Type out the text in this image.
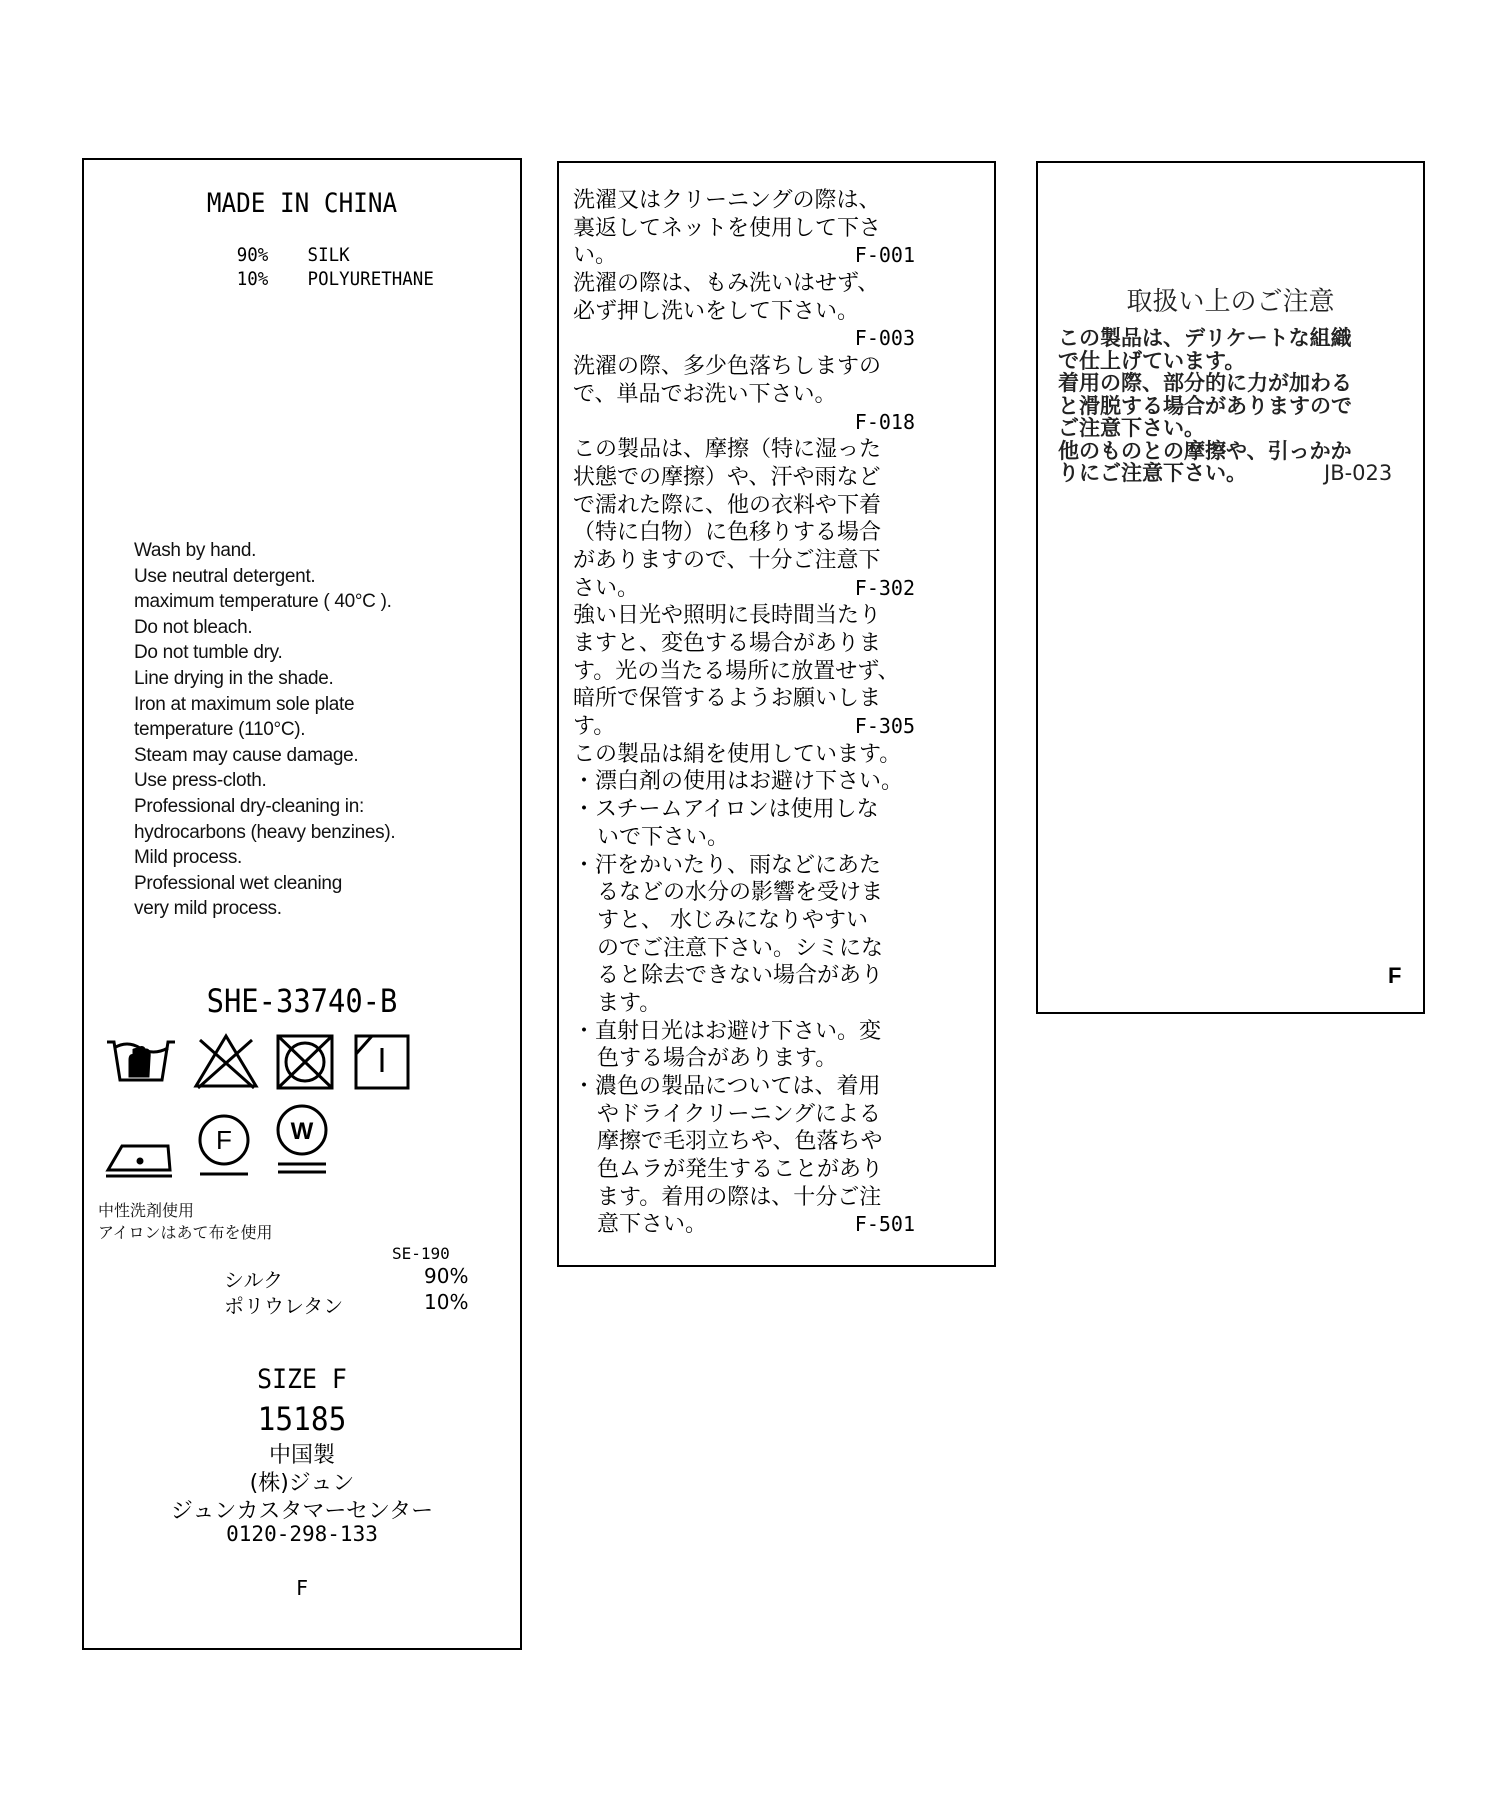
MADE IN CHINA
90% SILK
10% POLYURETHANE
Wash by hand.
Use neutral detergent.
maximum temperature ( 40°C ).
Do not bleach.
Do not tumble dry.
Line drying in the shade.
Iron at maximum sole plate
temperature (110°C).
Steam may cause damage.
Use press-cloth.
Professional dry-cleaning in:
hydrocarbons (heavy benzines).
Mild process.
Professional wet cleaning
very mild process.
SHE-33740-B
F W
中性洗剤使用
アイロンはあて布を使用
SE-190
シルク	90%
ポリウレタン	10%
SIZE F
15185
中国製
(株)ジュン
ジュンカスタマーセンター
0120-298-133
F
洗濯又はクリーニングの際は、
裏返してネットを使用して下さ
い。	F-001
洗濯の際は、もみ洗いはせず、
必ず押し洗いをして下さい。
F-003
洗濯の際、多少色落ちしますの
で、単品でお洗い下さい。
F-018
この製品は、摩擦（特に湿った
状態での摩擦）や、汗や雨など
で濡れた際に、他の衣料や下着
（特に白物）に色移りする場合
がありますので、十分ご注意下
さい。	F-302
強い日光や照明に長時間当たり
ますと、変色する場合がありま
す。光の当たる場所に放置せず、
暗所で保管するようお願いしま
す。	F-305
この製品は絹を使用しています。
・漂白剤の使用はお避け下さい。
・スチームアイロンは使用しな
いで下さい。
・汗をかいたり、雨などにあた
るなどの水分の影響を受けま
すと、 水じみになりやすい
のでご注意下さい。シミにな
ると除去できない場合があり
ます。
・直射日光はお避け下さい。変
色する場合があります。
・濃色の製品については、着用
やドライクリーニングによる
摩擦で毛羽立ちや、色落ちや
色ムラが発生することがあり
ます。着用の際は、十分ご注
意下さい。	F-501
取扱い上のご注意
この製品は、デリケートな組織
で仕上げています。
着用の際、部分的に力が加わる
と滑脱する場合がありますので
ご注意下さい。
他のものとの摩擦や、引っかか
りにご注意下さい。	JB-023
F
